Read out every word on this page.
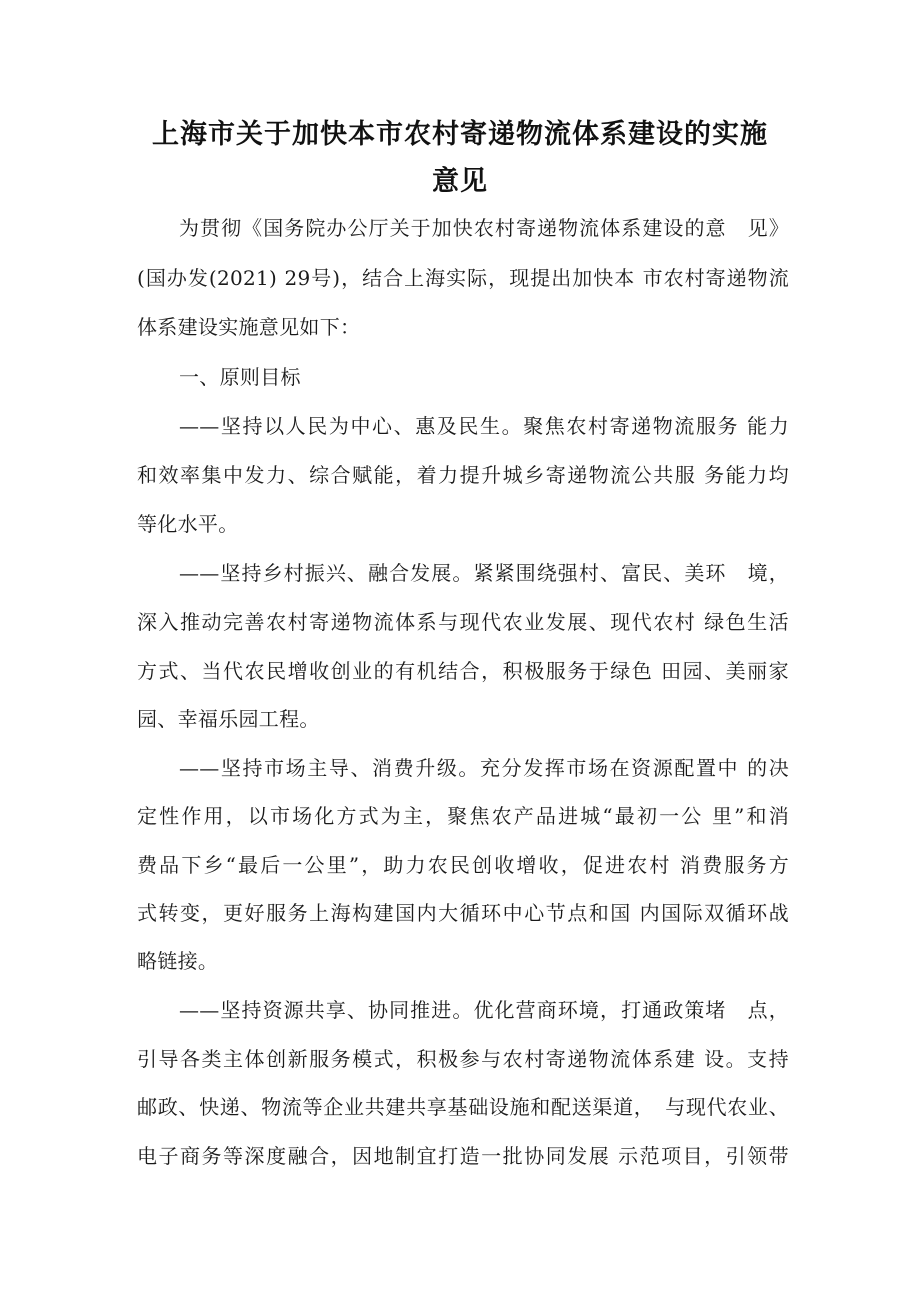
上海市关于加快本市农村寄递物流体系建设的实施
意见
为贯彻《国务院办公厅关于加快农村寄递物流体系建设的意　见》
(国办发(2021) 29号)，结合上海实际，现提出加快本 市农村寄递物流
体系建设实施意见如下：
一、原则目标
——坚持以人民为中心、惠及民生。聚焦农村寄递物流服务 能力
和效率集中发力、综合赋能，着力提升城乡寄递物流公共服 务能力均
等化水平。
——坚持乡村振兴、融合发展。紧紧围绕强村、富民、美环　境，
深入推动完善农村寄递物流体系与现代农业发展、现代农村 绿色生活
方式、当代农民增收创业的有机结合，积极服务于绿色 田园、美丽家
园、幸福乐园工程。
——坚持市场主导、消费升级。充分发挥市场在资源配置中 的决
定性作用，以市场化方式为主，聚焦农产品进城“最初一公 里”和消
费品下乡“最后一公里”，助力农民创收增收，促进农村 消费服务方
式转变，更好服务上海构建国内大循环中心节点和国 内国际双循环战
略链接。
——坚持资源共享、协同推进。优化营商环境，打通政策堵　点，
引导各类主体创新服务模式，积极参与农村寄递物流体系建 设。支持
邮政、快递、物流等企业共建共享基础设施和配送渠道，　与现代农业、
电子商务等深度融合，因地制宜打造一批协同发展 示范项目，引领带
